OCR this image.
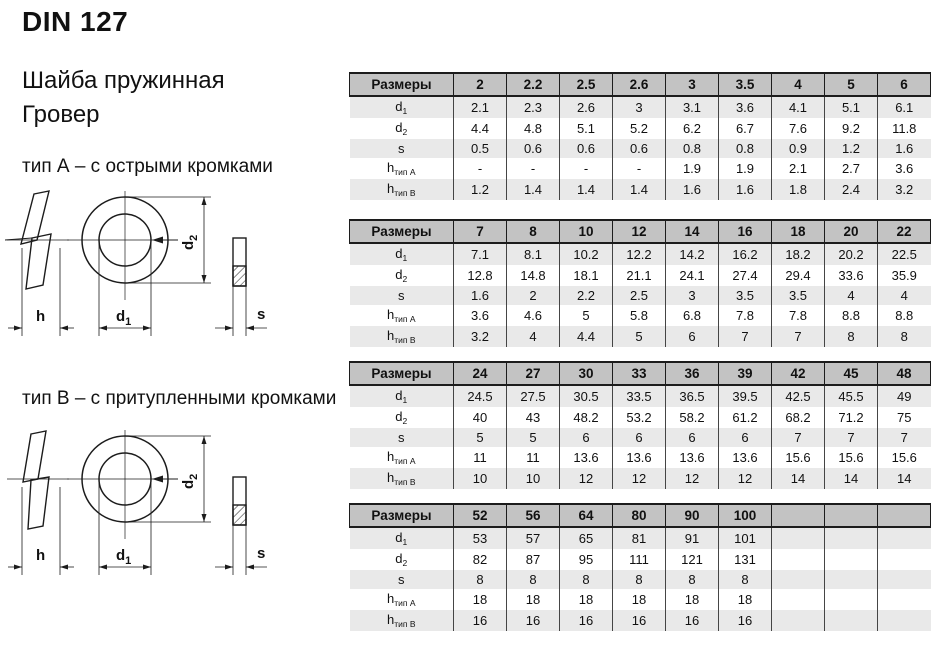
DIN 127
Шайба пружинная
Гровер
тип А – с острыми кромками
h	$d_1$
$d_2$
s
тип В – с притупленными кромками
h	$d_1$
$d_2$
s
Размеры	2	2.2	2.5	2.6	3	3.5	4	5	6
$d_1$	2.1	2.3	2.6	3	3.1	3.6	4.1	5.1	6.1
$d_2$	4.4	4.8	5.1	5.2	6.2	6.7	7.6	9.2	11.8
s	0.5	0.6	0.6	0.6	0.8	0.8	0.9	1.2	1.6
$h_{тип А}$	-	-	-	-	1.9	1.9	2.1	2.7	3.6
$h_{тип В}$	1.2	1.4	1.4	1.4	1.6	1.6	1.8	2.4	3.2
Размеры	7	8	10	12	14	16	18	20	22
$d_1$	7.1	8.1	10.2	12.2	14.2	16.2	18.2	20.2	22.5
$d_2$	12.8	14.8	18.1	21.1	24.1	27.4	29.4	33.6	35.9
s	1.6	2	2.2	2.5	3	3.5	3.5	4	4
$h_{тип А}$	3.6	4.6	5	5.8	6.8	7.8	7.8	8.8	8.8
$h_{тип В}$	3.2	4	4.4	5	6	7	7	8	8
Размеры	24	27	30	33	36	39	42	45	48
$d_1$	24.5	27.5	30.5	33.5	36.5	39.5	42.5	45.5	49
$d_2$	40	43	48.2	53.2	58.2	61.2	68.2	71.2	75
s	5	5	6	6	6	6	7	7	7
$h_{тип А}$	11	11	13.6	13.6	13.6	13.6	15.6	15.6	15.6
$h_{тип В}$	10	10	12	12	12	12	14	14	14
Размеры	52	56	64	80	90	100			
$d_1$	53	57	65	81	91	101			
$d_2$	82	87	95	111	121	131			
s	8	8	8	8	8	8			
$h_{тип А}$	18	18	18	18	18	18			
$h_{тип В}$	16	16	16	16	16	16			
